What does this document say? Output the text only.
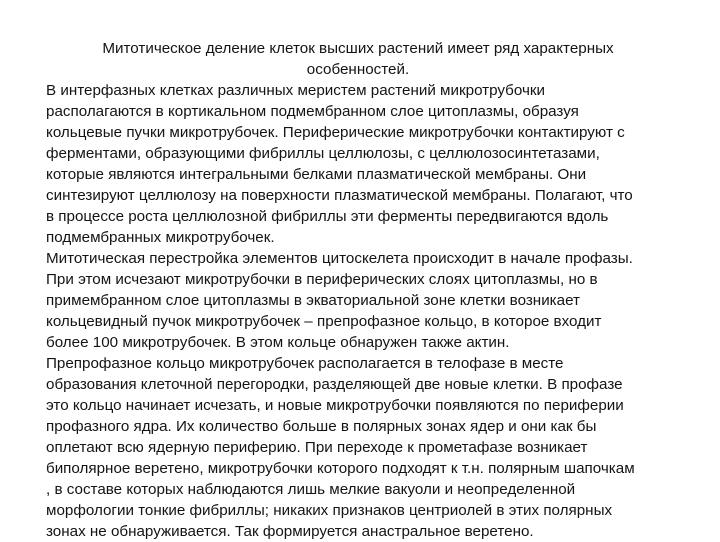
Митотическое деление клеток высших растений имеет ряд характерных
особенностей.
В интерфазных клетках различных меристем растений микротрубочки
располагаются в кортикальном подмембранном слое цитоплазмы, образуя
кольцевые пучки микротрубочек. Периферические микротрубочки контактируют с
ферментами, образующими фибриллы целлюлозы, с целлюлозосинтетазами,
которые являются интегральными белками плазматической мембраны. Они
синтезируют целлюлозу на поверхности плазматической мембраны. Полагают, что
в процессе роста целлюлозной фибриллы эти ферменты передвигаются вдоль
подмембранных микротрубочек.
Митотическая перестройка элементов цитоскелета происходит в начале профазы.
При этом исчезают микротрубочки в периферических слоях цитоплазмы, но в
примембранном слое цитоплазмы в экваториальной зоне клетки возникает
кольцевидный пучок микротрубочек – препрофазное кольцо, в которое входит
более 100 микротрубочек. В этом кольце обнаружен также актин.
Препрофазное кольцо микротрубочек располагается в телофазе в месте
образования клеточной перегородки, разделяющей две новые клетки. В профазе
это кольцо начинает исчезать, и новые микротрубочки появляются по периферии
профазного ядра. Их количество больше в полярных зонах ядер и они как бы
оплетают всю ядерную периферию. При переходе к прометафазе возникает
биполярное веретено, микротрубочки которого подходят к т.н. полярным шапочкам
, в составе которых наблюдаются лишь мелкие вакуоли и неопределенной
морфологии тонкие фибриллы; никаких признаков центриолей в этих полярных
зонах не обнаруживается. Так формируется анастральное веретено.
